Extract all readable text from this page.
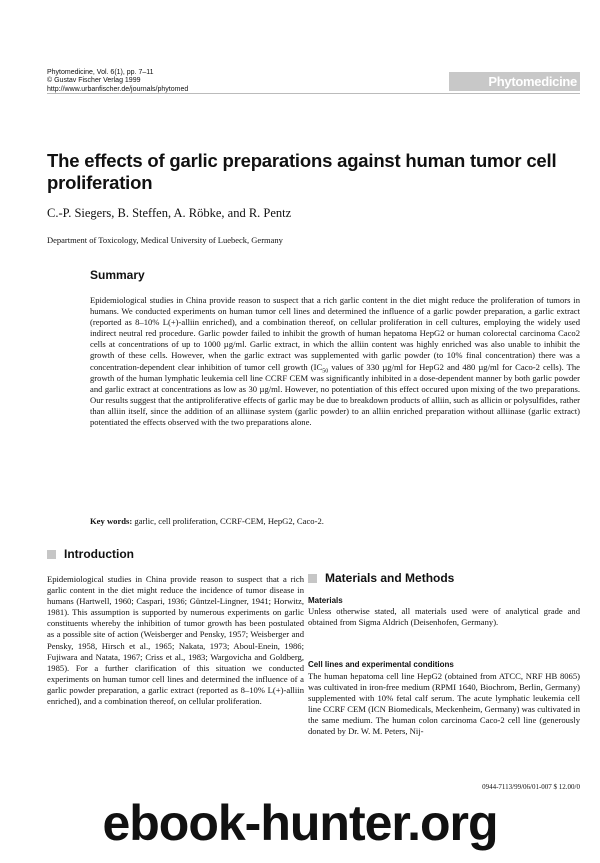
Phytomedicine, Vol. 6(1), pp. 7–11
© Gustav Fischer Verlag 1999
http://www.urbanfischer.de/journals/phytomed
Phytomedicine
The effects of garlic preparations against human tumor cell proliferation
C.-P. Siegers, B. Steffen, A. Röbke, and R. Pentz
Department of Toxicology, Medical University of Luebeck, Germany
Summary

Epidemiological studies in China provide reason to suspect that a rich garlic content in the diet might reduce the proliferation of tumors in humans. We conducted experiments on human tumor cell lines and determined the influence of a garlic powder preparation, a garlic extract (reported as 8–10% L(+)-alliin enriched), and a combination thereof, on cellular proliferation in cell cultures, employing the widely used indirect neutral red procedure. Garlic powder failed to inhibit the growth of human hepatoma HepG2 or human colorectal carcinoma Caco2 cells at concentrations of up to 1000 µg/ml. Garlic extract, in which the alliin content was highly enriched was also unable to inhibit the growth of these cells. However, when the garlic extract was supplemented with garlic powder (to 10% final concentration) there was a concentration-dependent clear inhibition of tumor cell growth ($IC_{50}$ values of 330 µg/ml for HepG2 and 480 µg/ml for Caco-2 cells). The growth of the human lymphatic leukemia cell line CCRF CEM was significantly inhibited in a dose-dependent manner by both garlic powder and garlic extract at concentrations as low as 30 µg/ml. However, no potentiation of this effect occured upon mixing of the two preparations. Our results suggest that the antiproliferative effects of garlic may be due to breakdown products of alliin, such as allicin or polysulfides, rather than alliin itself, since the addition of an alliinase system (garlic powder) to an alliin enriched preparation without alliinase (garlic extract) potentiated the effects observed with the two preparations alone.

Key words: garlic, cell proliferation, CCRF-CEM, HepG2, Caco-2.
Introduction

Epidemiological studies in China provide reason to suspect that a rich garlic content in the diet might reduce the incidence of tumor disease in humans (Hartwell, 1960; Caspari, 1936; Güntzel-Lingner, 1941; Horwitz, 1981). This assumption is supported by numerous experiments on garlic constituents whereby the inhibition of tumor growth has been postulated as a possible site of action (Weisberger and Pensky, 1957; Weisberger and Pensky, 1958, Hirsch et al., 1965; Nakata, 1973; Aboul-Enein, 1986; Fujiwara and Natata, 1967; Criss et al., 1983; Wargovicha and Goldberg, 1985). For a further clarification of this situation we conducted experiments on human tumor cell lines and determined the influence of a garlic powder preparation, a garlic extract (reported as 8–10% L(+)-alliin enriched), and a combination thereof, on cellular proliferation.

Materials and Methods
Materials

Unless otherwise stated, all materials used were of analytical grade and obtained from Sigma Aldrich (Deisenhofen, Germany).

Cell lines and experimental conditions

The human hepatoma cell line HepG2 (obtained from ATCC, NRF HB 8065) was cultivated in iron-free medium (RPMI 1640, Biochrom, Berlin, Germany) supplemented with 10% fetal calf serum. The acute lymphatic leukemia cell line CCRF CEM (ICN Biomedicals, Meckenheim, Germany) was cultivated in the same medium. The human colon carcinoma Caco-2 cell line (generously donated by Dr. W. M. Peters, Nij-

0944-7113/99/06/01-007 $ 12.00/0
ebook-hunter.org
